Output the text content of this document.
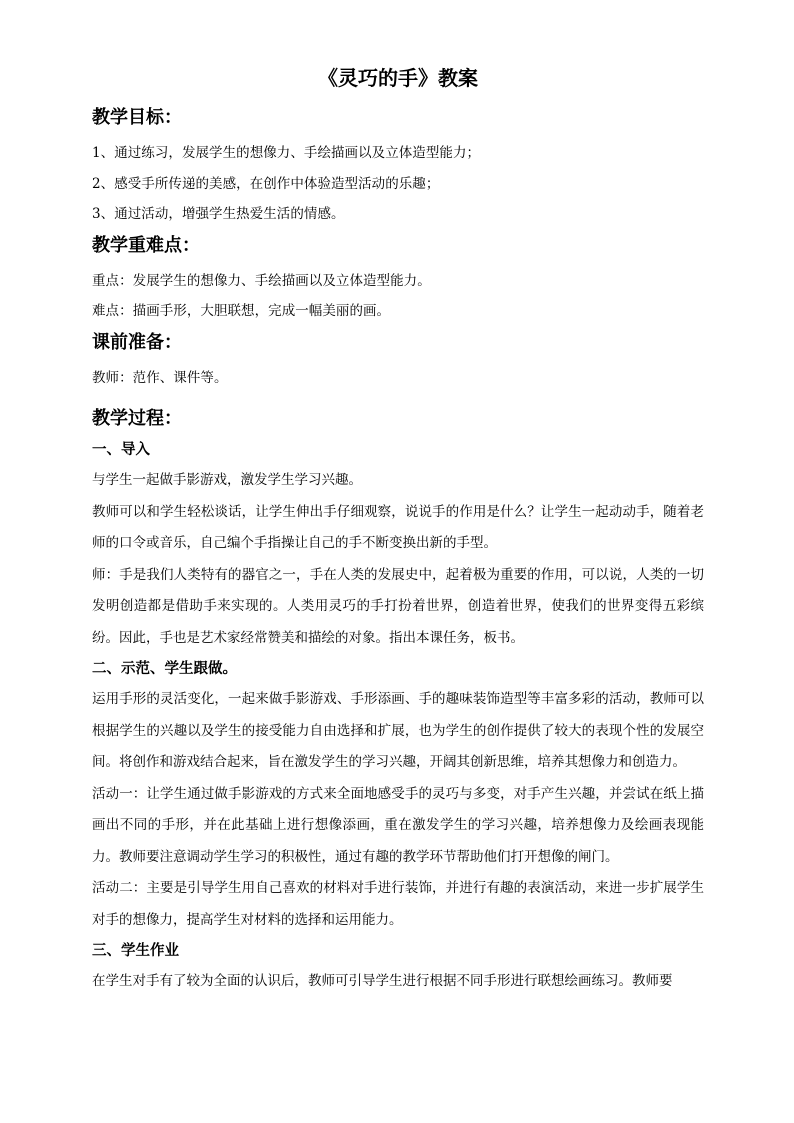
《灵巧的手》教案
教学目标：

1、通过练习，发展学生的想像力、手绘描画以及立体造型能力；

2、感受手所传递的美感，在创作中体验造型活动的乐趣；

3、通过活动，增强学生热爱生活的情感。

教学重难点：

重点：发展学生的想像力、手绘描画以及立体造型能力。

难点：描画手形，大胆联想，完成一幅美丽的画。

课前准备：

教师：范作、课件等。

教学过程：
一、导入

与学生一起做手影游戏，激发学生学习兴趣。

教师可以和学生轻松谈话，让学生伸出手仔细观察，说说手的作用是什么？让学生一起动动手，随着老师的口令或音乐，自己编个手指操让自己的手不断变换出新的手型。

师：手是我们人类特有的器官之一，手在人类的发展史中，起着极为重要的作用，可以说，人类的一切发明创造都是借助手来实现的。人类用灵巧的手打扮着世界，创造着世界，使我们的世界变得五彩缤纷。因此，手也是艺术家经常赞美和描绘的对象。指出本课任务，板书。

二、示范、学生跟做。

运用手形的灵活变化，一起来做手影游戏、手形添画、手的趣味装饰造型等丰富多彩的活动，教师可以根据学生的兴趣以及学生的接受能力自由选择和扩展，也为学生的创作提供了较大的表现个性的发展空间。将创作和游戏结合起来，旨在激发学生的学习兴趣，开阔其创新思维，培养其想像力和创造力。

活动一：让学生通过做手影游戏的方式来全面地感受手的灵巧与多变，对手产生兴趣，并尝试在纸上描画出不同的手形，并在此基础上进行想像添画，重在激发学生的学习兴趣，培养想像力及绘画表现能力。教师要注意调动学生学习的积极性，通过有趣的教学环节帮助他们打开想像的闸门。

活动二：主要是引导学生用自己喜欢的材料对手进行装饰，并进行有趣的表演活动，来进一步扩展学生对手的想像力，提高学生对材料的选择和运用能力。

三、学生作业

在学生对手有了较为全面的认识后，教师可引导学生进行根据不同手形进行联想绘画练习。教师要
